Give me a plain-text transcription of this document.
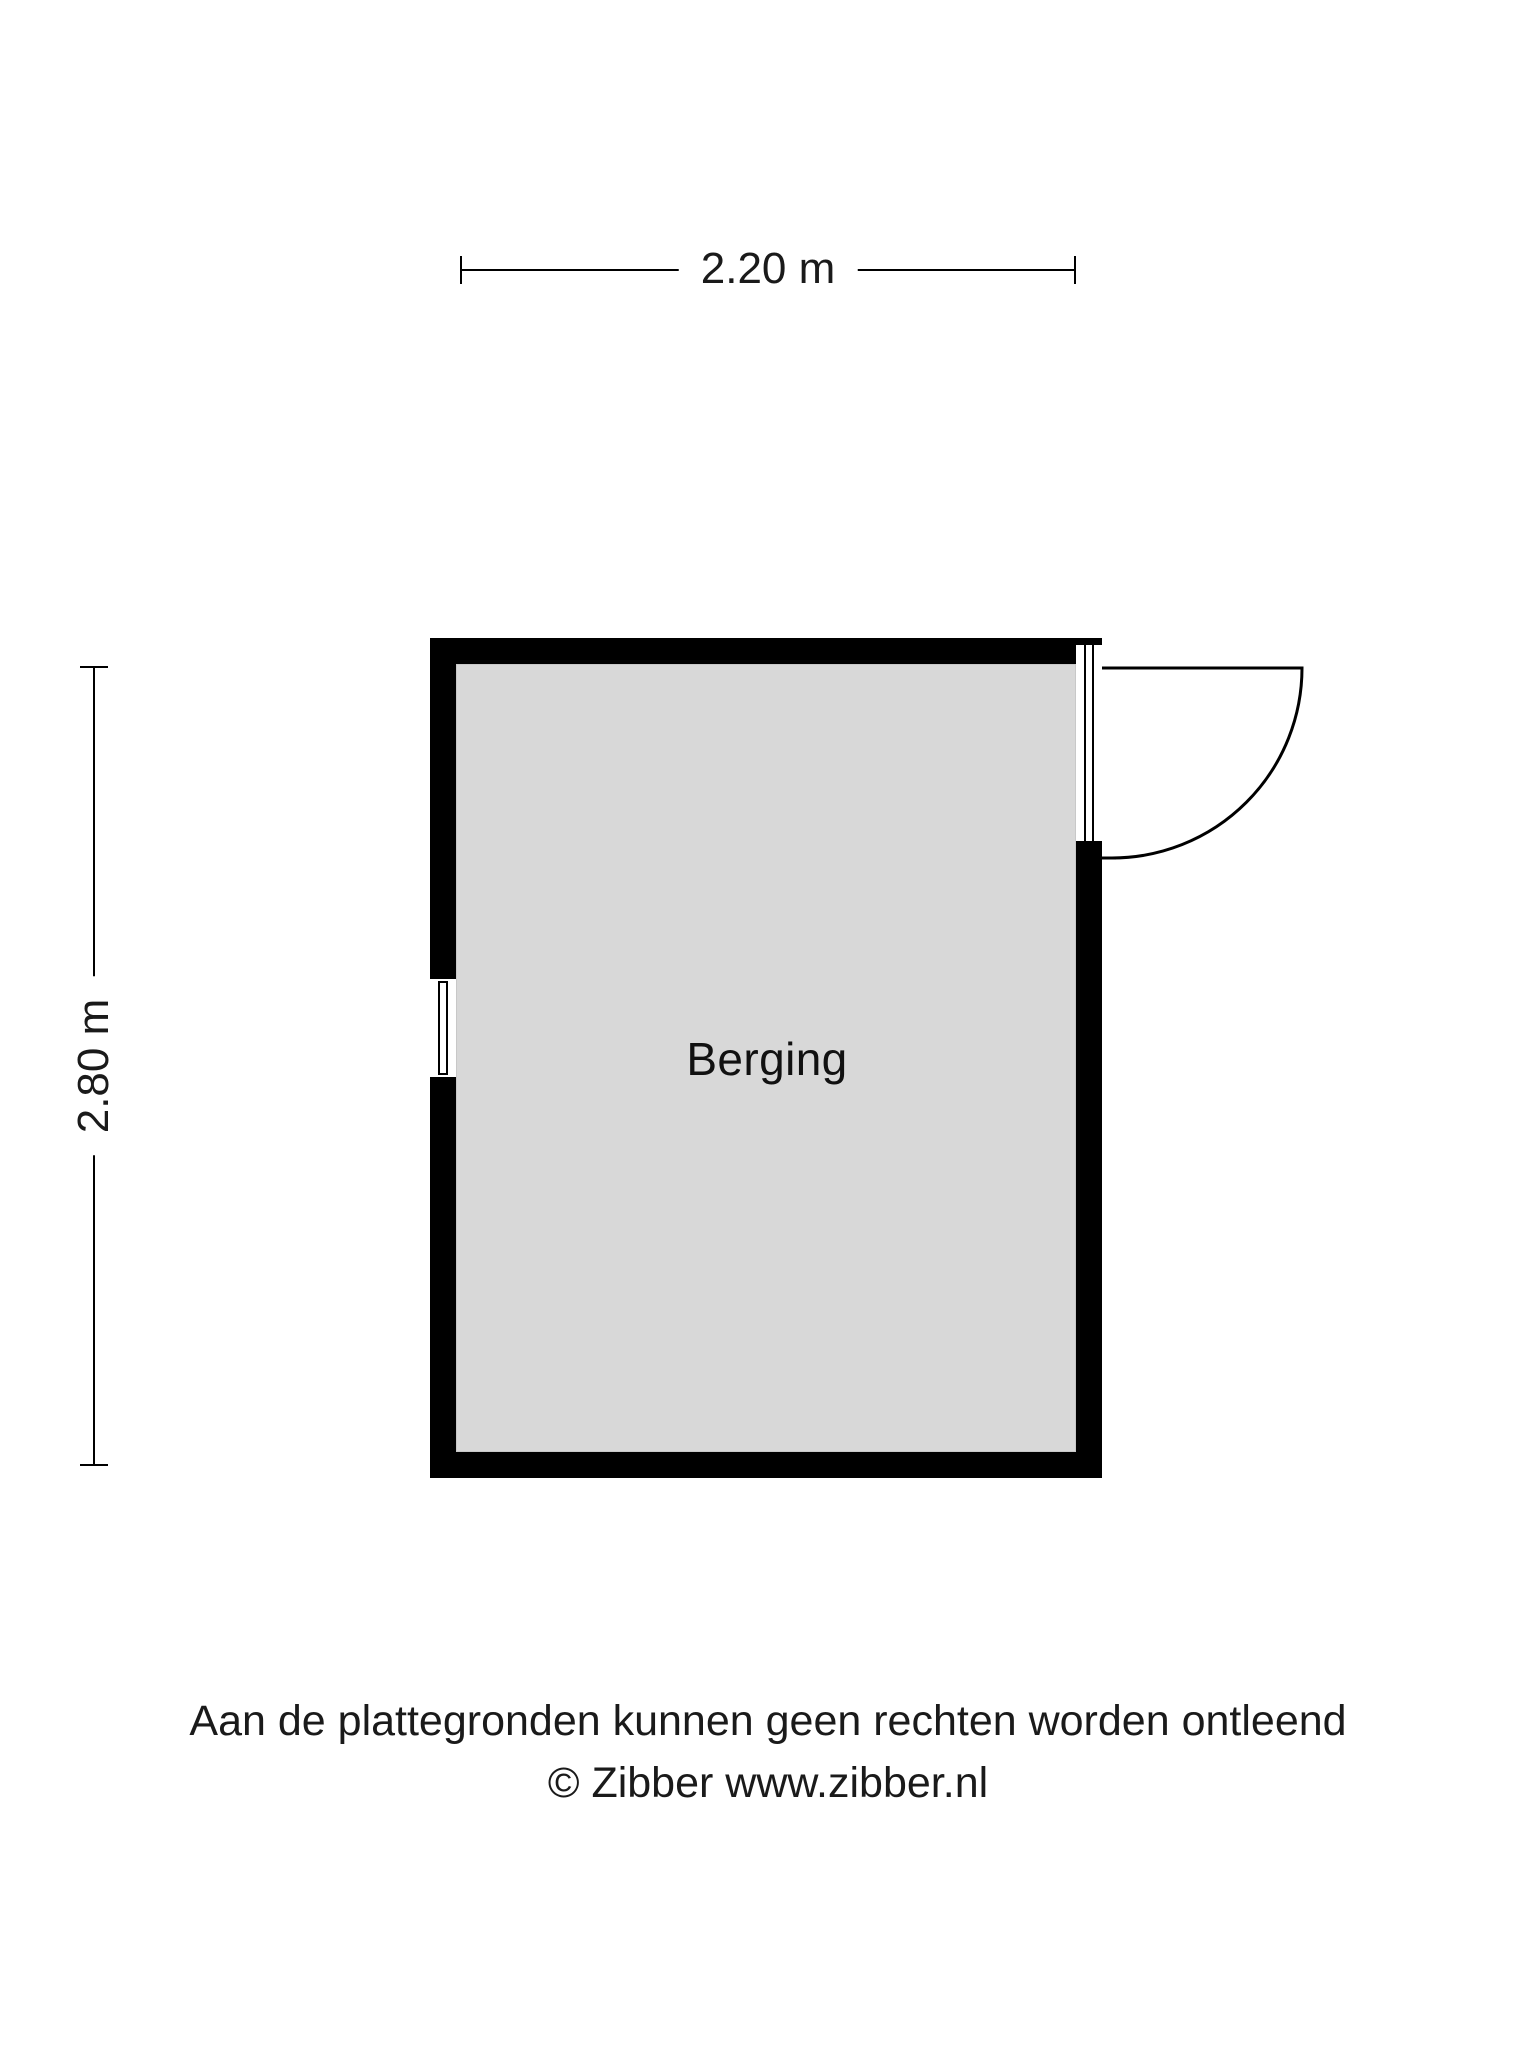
2.20 m
2.80 m	Berging
Aan de plattegronden kunnen geen rechten worden ontleend
© Zibber www.zibber.nl
